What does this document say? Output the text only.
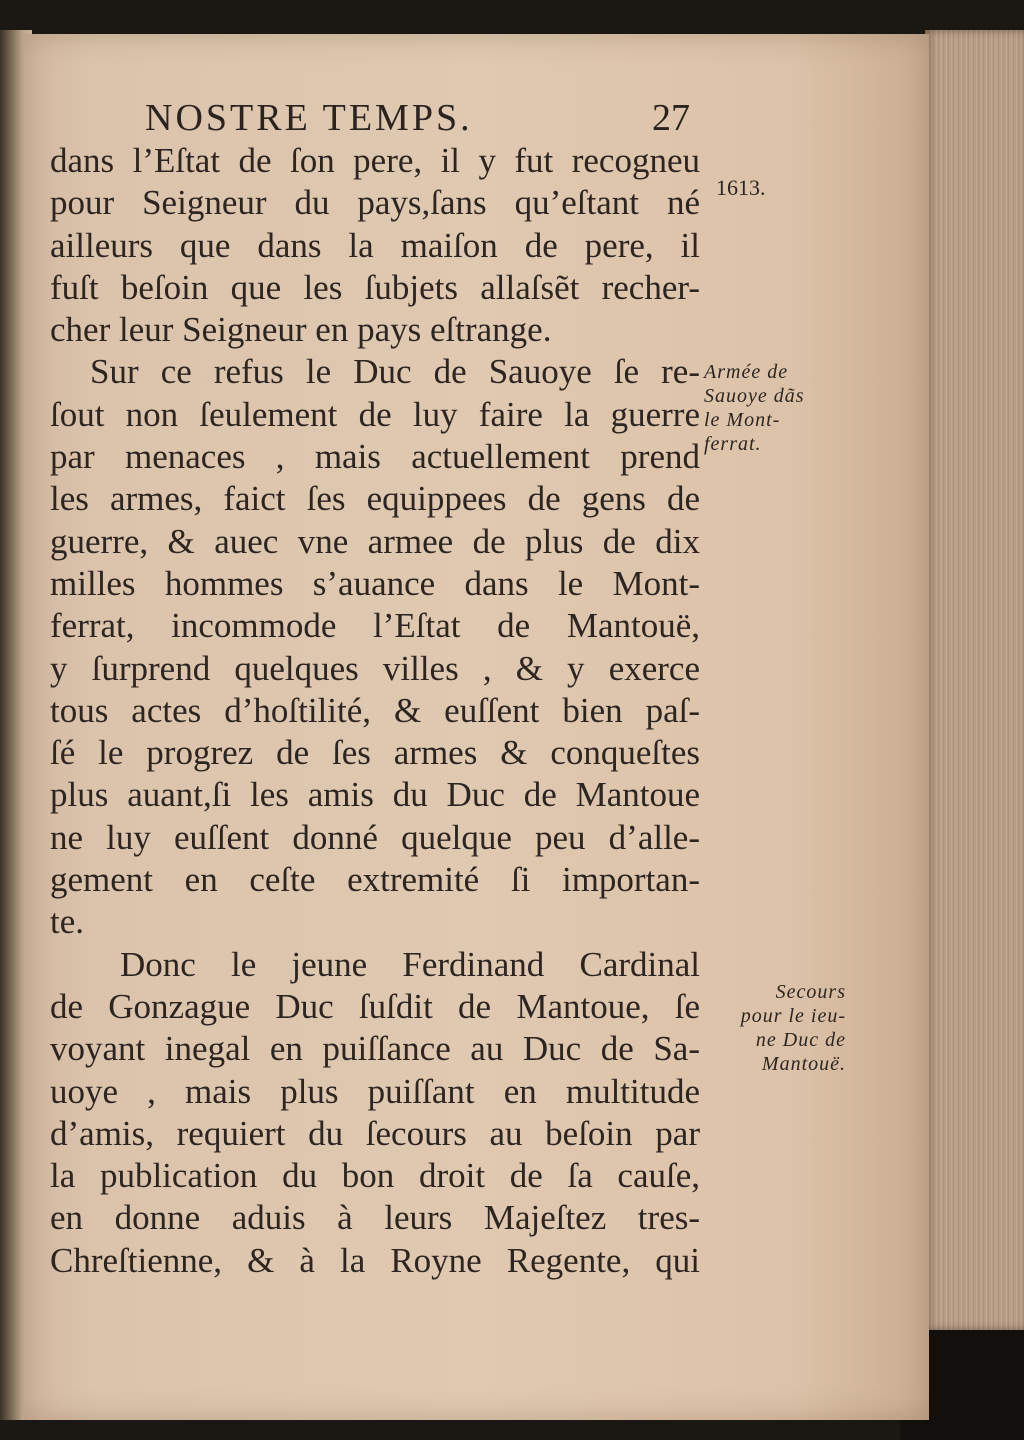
NOSTRE TEMPS.	27
dans l’Eſtat de ſon pere, il y fut recogneu
pour Seigneur du pays,ſans qu’eſtant né
ailleurs que dans la maiſon de pere, il
fuſt beſoin que les ſubjets allaſsẽt recher-
cher leur Seigneur en pays eſtrange.
Sur ce refus le Duc de Sauoye ſe re-
ſout non ſeulement de luy faire la guerre
par menaces , mais actuellement prend
les armes, faict ſes equippees de gens de
guerre, & auec vne armee de plus de dix
milles hommes s’auance dans le Mont-
ferrat, incommode l’Eſtat de Mantouë,
y ſurprend quelques villes , & y exerce
tous actes d’hoſtilité, & euſſent bien paſ-
ſé le progrez de ſes armes & conqueſtes
plus auant,ſi les amis du Duc de Mantoue
ne luy euſſent donné quelque peu d’alle-
gement en ceſte extremité ſi importan-
te.
Donc le jeune Ferdinand Cardinal
de Gonzague Duc ſuſdit de Mantoue, ſe
voyant inegal en puiſſance au Duc de Sa-
uoye , mais plus puiſſant en multitude
d’amis, requiert du ſecours au beſoin par
la publication du bon droit de ſa cauſe,
en donne aduis à leurs Majeſtez tres-
Chreſtienne, & à la Royne Regente, qui
1613.
Armée de
Sauoye dãs
le Mont-
ferrat.
Secours
pour le ieu-
ne Duc de
Mantouë.
